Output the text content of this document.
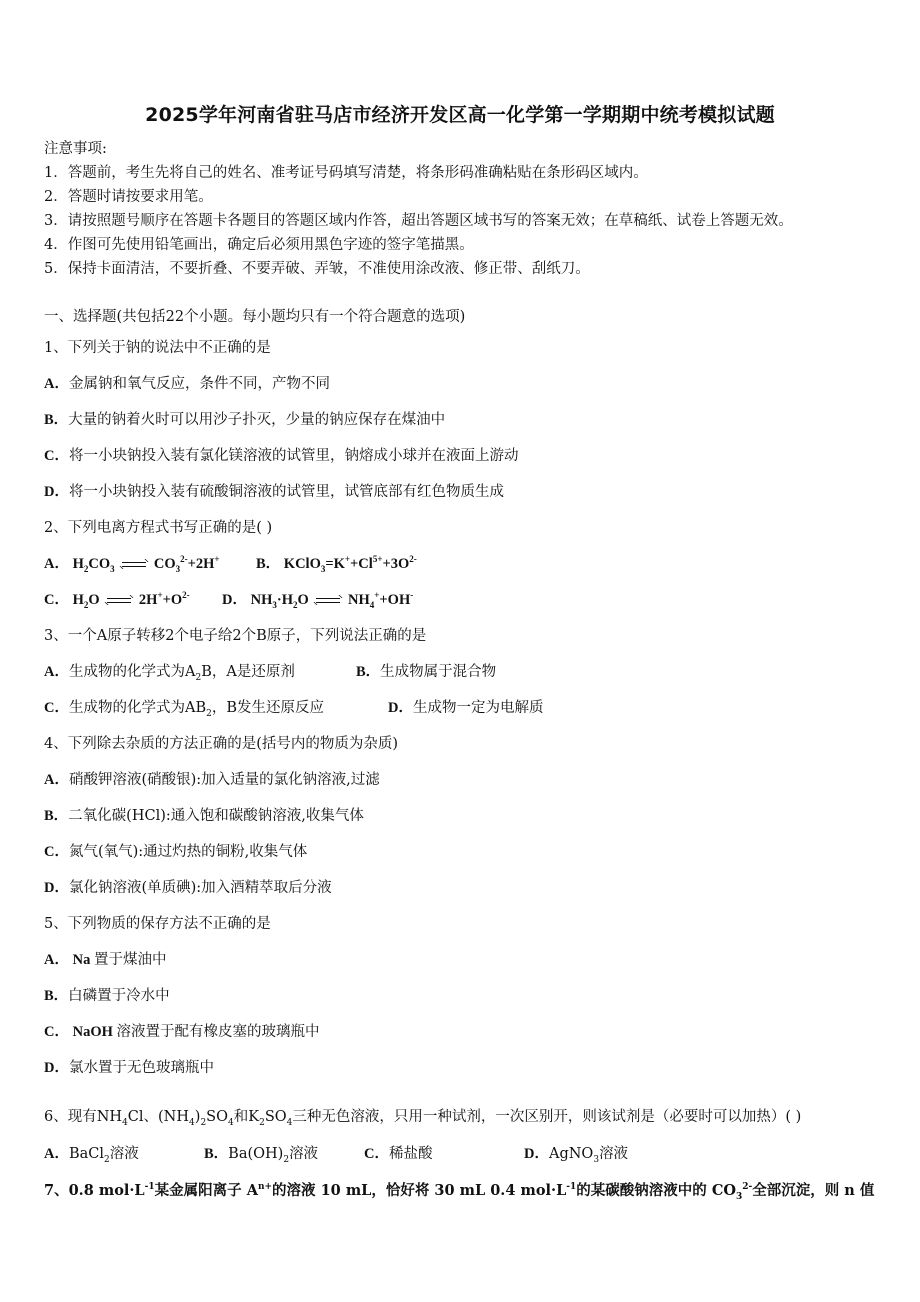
2025学年河南省驻马店市经济开发区高一化学第一学期期中统考模拟试题
注意事项:
1．答题前，考生先将自己的姓名、准考证号码填写清楚，将条形码准确粘贴在条形码区域内。
2．答题时请按要求用笔。
3．请按照题号顺序在答题卡各题目的答题区域内作答，超出答题区域书写的答案无效；在草稿纸、试卷上答题无效。
4．作图可先使用铅笔画出，确定后必须用黑色字迹的签字笔描黑。
5．保持卡面清洁，不要折叠、不要弄破、弄皱，不准使用涂改液、修正带、刮纸刀。
一、选择题(共包括22个小题。每小题均只有一个符合题意的选项)
1、下列关于钠的说法中不正确的是
A．金属钠和氧气反应，条件不同，产物不同
B．大量的钠着火时可以用沙子扑灭，少量的钠应保存在煤油中
C．将一小块钠投入装有氯化镁溶液的试管里，钠熔成小球并在液面上游动
D．将一小块钠投入装有硫酸铜溶液的试管里，试管底部有红色物质生成
2、下列电离方程式书写正确的是( )
A． $H_2CO_3$
$CO_3^{2-}+2H^+$	B． $KClO_3=K^++Cl^{5+}+3O^{2-}$
C． $H_2O$
$2H^++O^{2-}$ D． $NH_3\cdot H_2O$
$NH_4^++OH^-$
3、一个A原子转移2个电子给2个B原子，下列说法正确的是
A．生成物的化学式为$A_2B$，A是还原剂	B．生成物属于混合物
C．生成物的化学式为$AB_2$，B发生还原反应	D．生成物一定为电解质
4、下列除去杂质的方法正确的是(括号内的物质为杂质)
A．硝酸钾溶液(硝酸银):加入适量的氯化钠溶液,过滤
B．二氧化碳(HCl):通入饱和碳酸钠溶液,收集气体
C．氮气(氧气):通过灼热的铜粉,收集气体
D．氯化钠溶液(单质碘):加入酒精萃取后分液
5、下列物质的保存方法不正确的是
A． Na 置于煤油中
B．白磷置于冷水中
C． NaOH 溶液置于配有橡皮塞的玻璃瓶中
D．氯水置于无色玻璃瓶中
6、现有$NH_4Cl$、$(NH_4)_2SO_4$和$K_2SO_4$三种无色溶液，只用一种试剂，一次区别开，则该试剂是（必要时可以加热）( )
A．BaCl$_2$溶液	B．$Ba(OH)_2$溶液	C．稀盐酸	D．AgNO$_3$溶液
7、0.8 $mol\cdot L^{-1}$某金属阳离子 $A^{n+}$的溶液 10 mL，恰好将 30 mL 0.4 $mol\cdot L^{-1}$的某碳酸钠溶液中的 $CO_3^{2-}$全部沉淀，则 n 值
